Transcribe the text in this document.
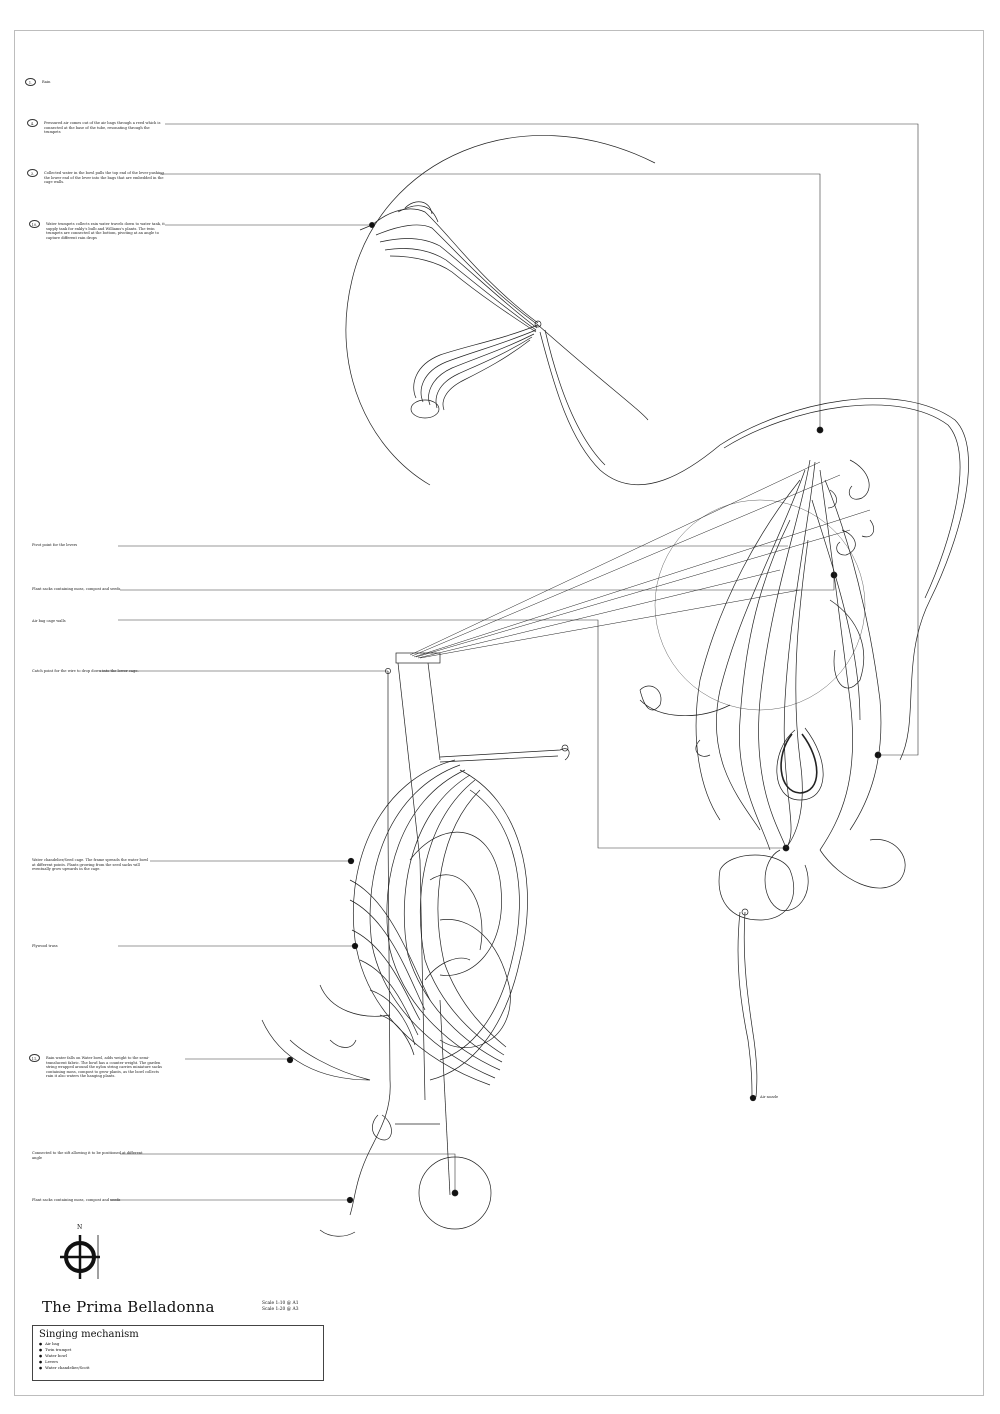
1.	Rain
4.	Pressured air comes out of the air bags through a reed which is connected at the base of the tube, resonating through the trumpets
3.	Collected water in the bowl pulls the top end of the lever pushing the lower end of the lever into the bags that are embedded in the cage walls.
10.	Water trumpets collects rain water travels down to water tank, it supply tank for enkly's bulb and Williams's plants. The twin trumpets are connected at the bottom, pivoting at an angle to capture different rain drops
Pivot point for the levers
Plant sacks containing moss, compost and seeds
Air bag cage walls
Catch point for the wire to drop down into the lower cage.
Water chandelier/Seed cage. The frame spreads the water bowl at different points. Plants growing from the seed sacks will eventually grow upwards in the cage.
Plywood truss
11.	Rain water falls on Water bowl, adds weight to the semi-translucent fabric. The bowl has a counter weight. The garden string wrapped around the nylon string carries miniature sacks containing moss, compost to grow plants, as the bowl collects rain it also waters the hanging plants.
Connected to the sift allowing it to be positioned at different angle
Plant sacks containing moss, compost and seeds
Air nozzle
N
The Prima Belladonna	Scale 1:10 @ A1
Scale 1:20 @ A3
Singing mechanism
● Air bag
● Twin trumpet
● Water bowl
● Levers
● Water chandelier/Scott
